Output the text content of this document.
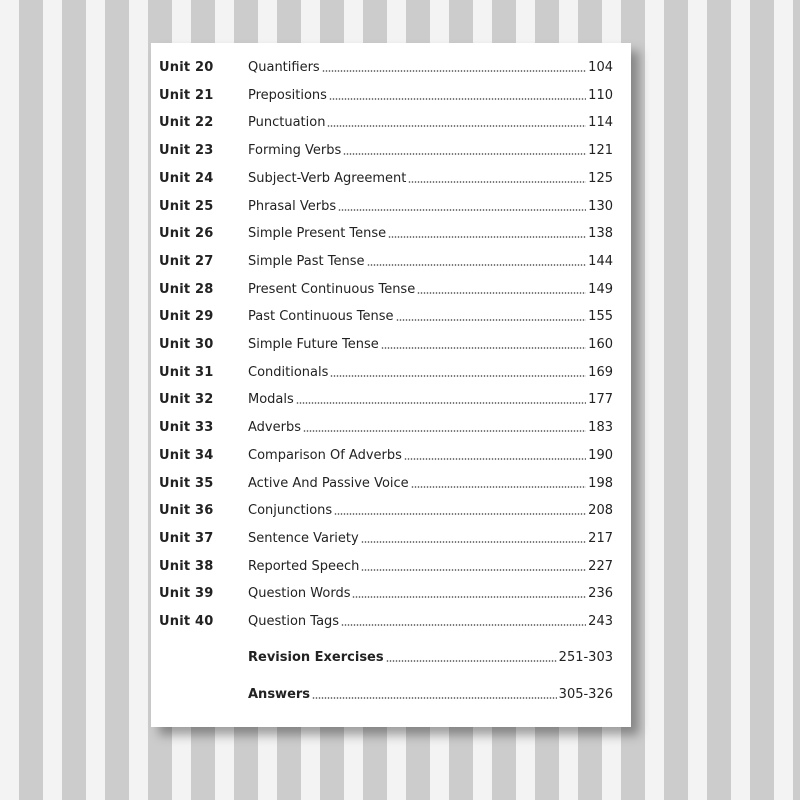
Unit 20	Quantifiers	104
Unit 21	Prepositions	110
Unit 22	Punctuation	114
Unit 23	Forming Verbs	121
Unit 24	Subject-Verb Agreement	125
Unit 25	Phrasal Verbs	130
Unit 26	Simple Present Tense	138
Unit 27	Simple Past Tense	144
Unit 28	Present Continuous Tense	149
Unit 29	Past Continuous Tense	155
Unit 30	Simple Future Tense	160
Unit 31	Conditionals	169
Unit 32	Modals	177
Unit 33	Adverbs	183
Unit 34	Comparison Of Adverbs	190
Unit 35	Active And Passive Voice	198
Unit 36	Conjunctions	208
Unit 37	Sentence Variety	217
Unit 38	Reported Speech	227
Unit 39	Question Words	236
Unit 40	Question Tags	243
Revision Exercises	251-303
Answers	305-326
